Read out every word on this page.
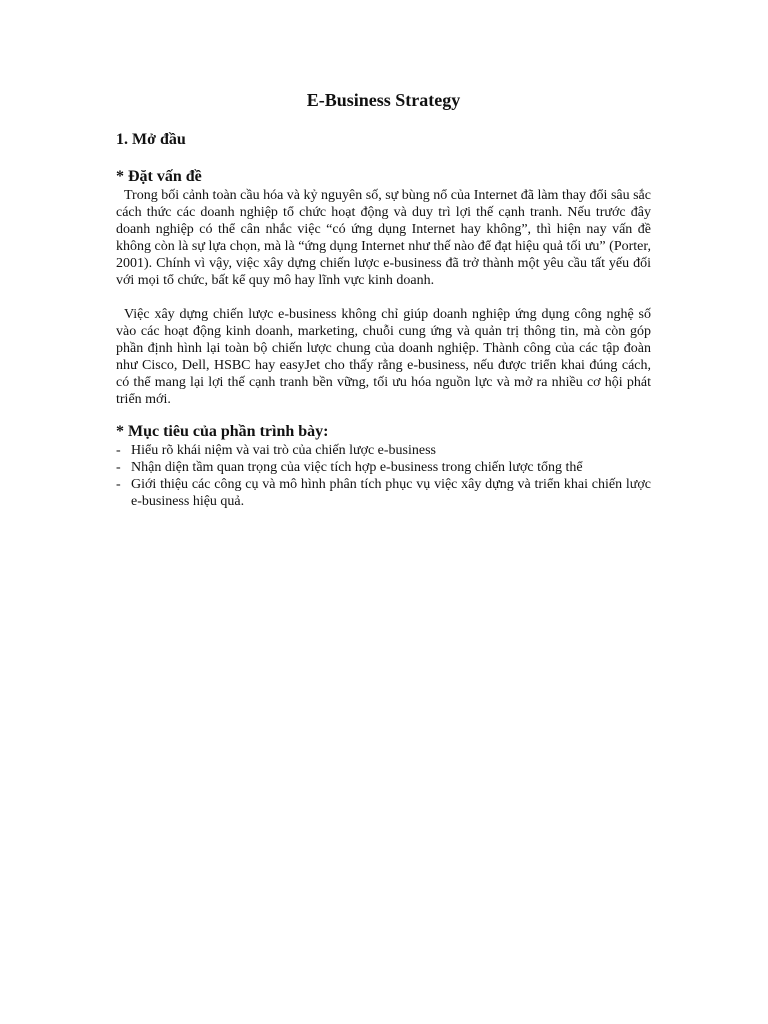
E-Business Strategy
1. Mở đầu
* Đặt vấn đề

Trong bối cảnh toàn cầu hóa và kỷ nguyên số, sự bùng nổ của Internet đã làm thay đổi sâu sắc cách thức các doanh nghiệp tổ chức hoạt động và duy trì lợi thế cạnh tranh. Nếu trước đây doanh nghiệp có thể cân nhắc việc “có ứng dụng Internet hay không”, thì hiện nay vấn đề không còn là sự lựa chọn, mà là “ứng dụng Internet như thế nào để đạt hiệu quả tối ưu” (Porter, 2001). Chính vì vậy, việc xây dựng chiến lược e-business đã trở thành một yêu cầu tất yếu đối với mọi tổ chức, bất kể quy mô hay lĩnh vực kinh doanh.

Việc xây dựng chiến lược e-business không chỉ giúp doanh nghiệp ứng dụng công nghệ số vào các hoạt động kinh doanh, marketing, chuỗi cung ứng và quản trị thông tin, mà còn góp phần định hình lại toàn bộ chiến lược chung của doanh nghiệp. Thành công của các tập đoàn như Cisco, Dell, HSBC hay easyJet cho thấy rằng e-business, nếu được triển khai đúng cách, có thể mang lại lợi thế cạnh tranh bền vững, tối ưu hóa nguồn lực và mở ra nhiều cơ hội phát triển mới.

* Mục tiêu của phần trình bày:
- Hiểu rõ khái niệm và vai trò của chiến lược e-business
- Nhận diện tầm quan trọng của việc tích hợp e-business trong chiến lược tổng thể
- Giới thiệu các công cụ và mô hình phân tích phục vụ việc xây dựng và triển khai chiến lược e-business hiệu quả.
